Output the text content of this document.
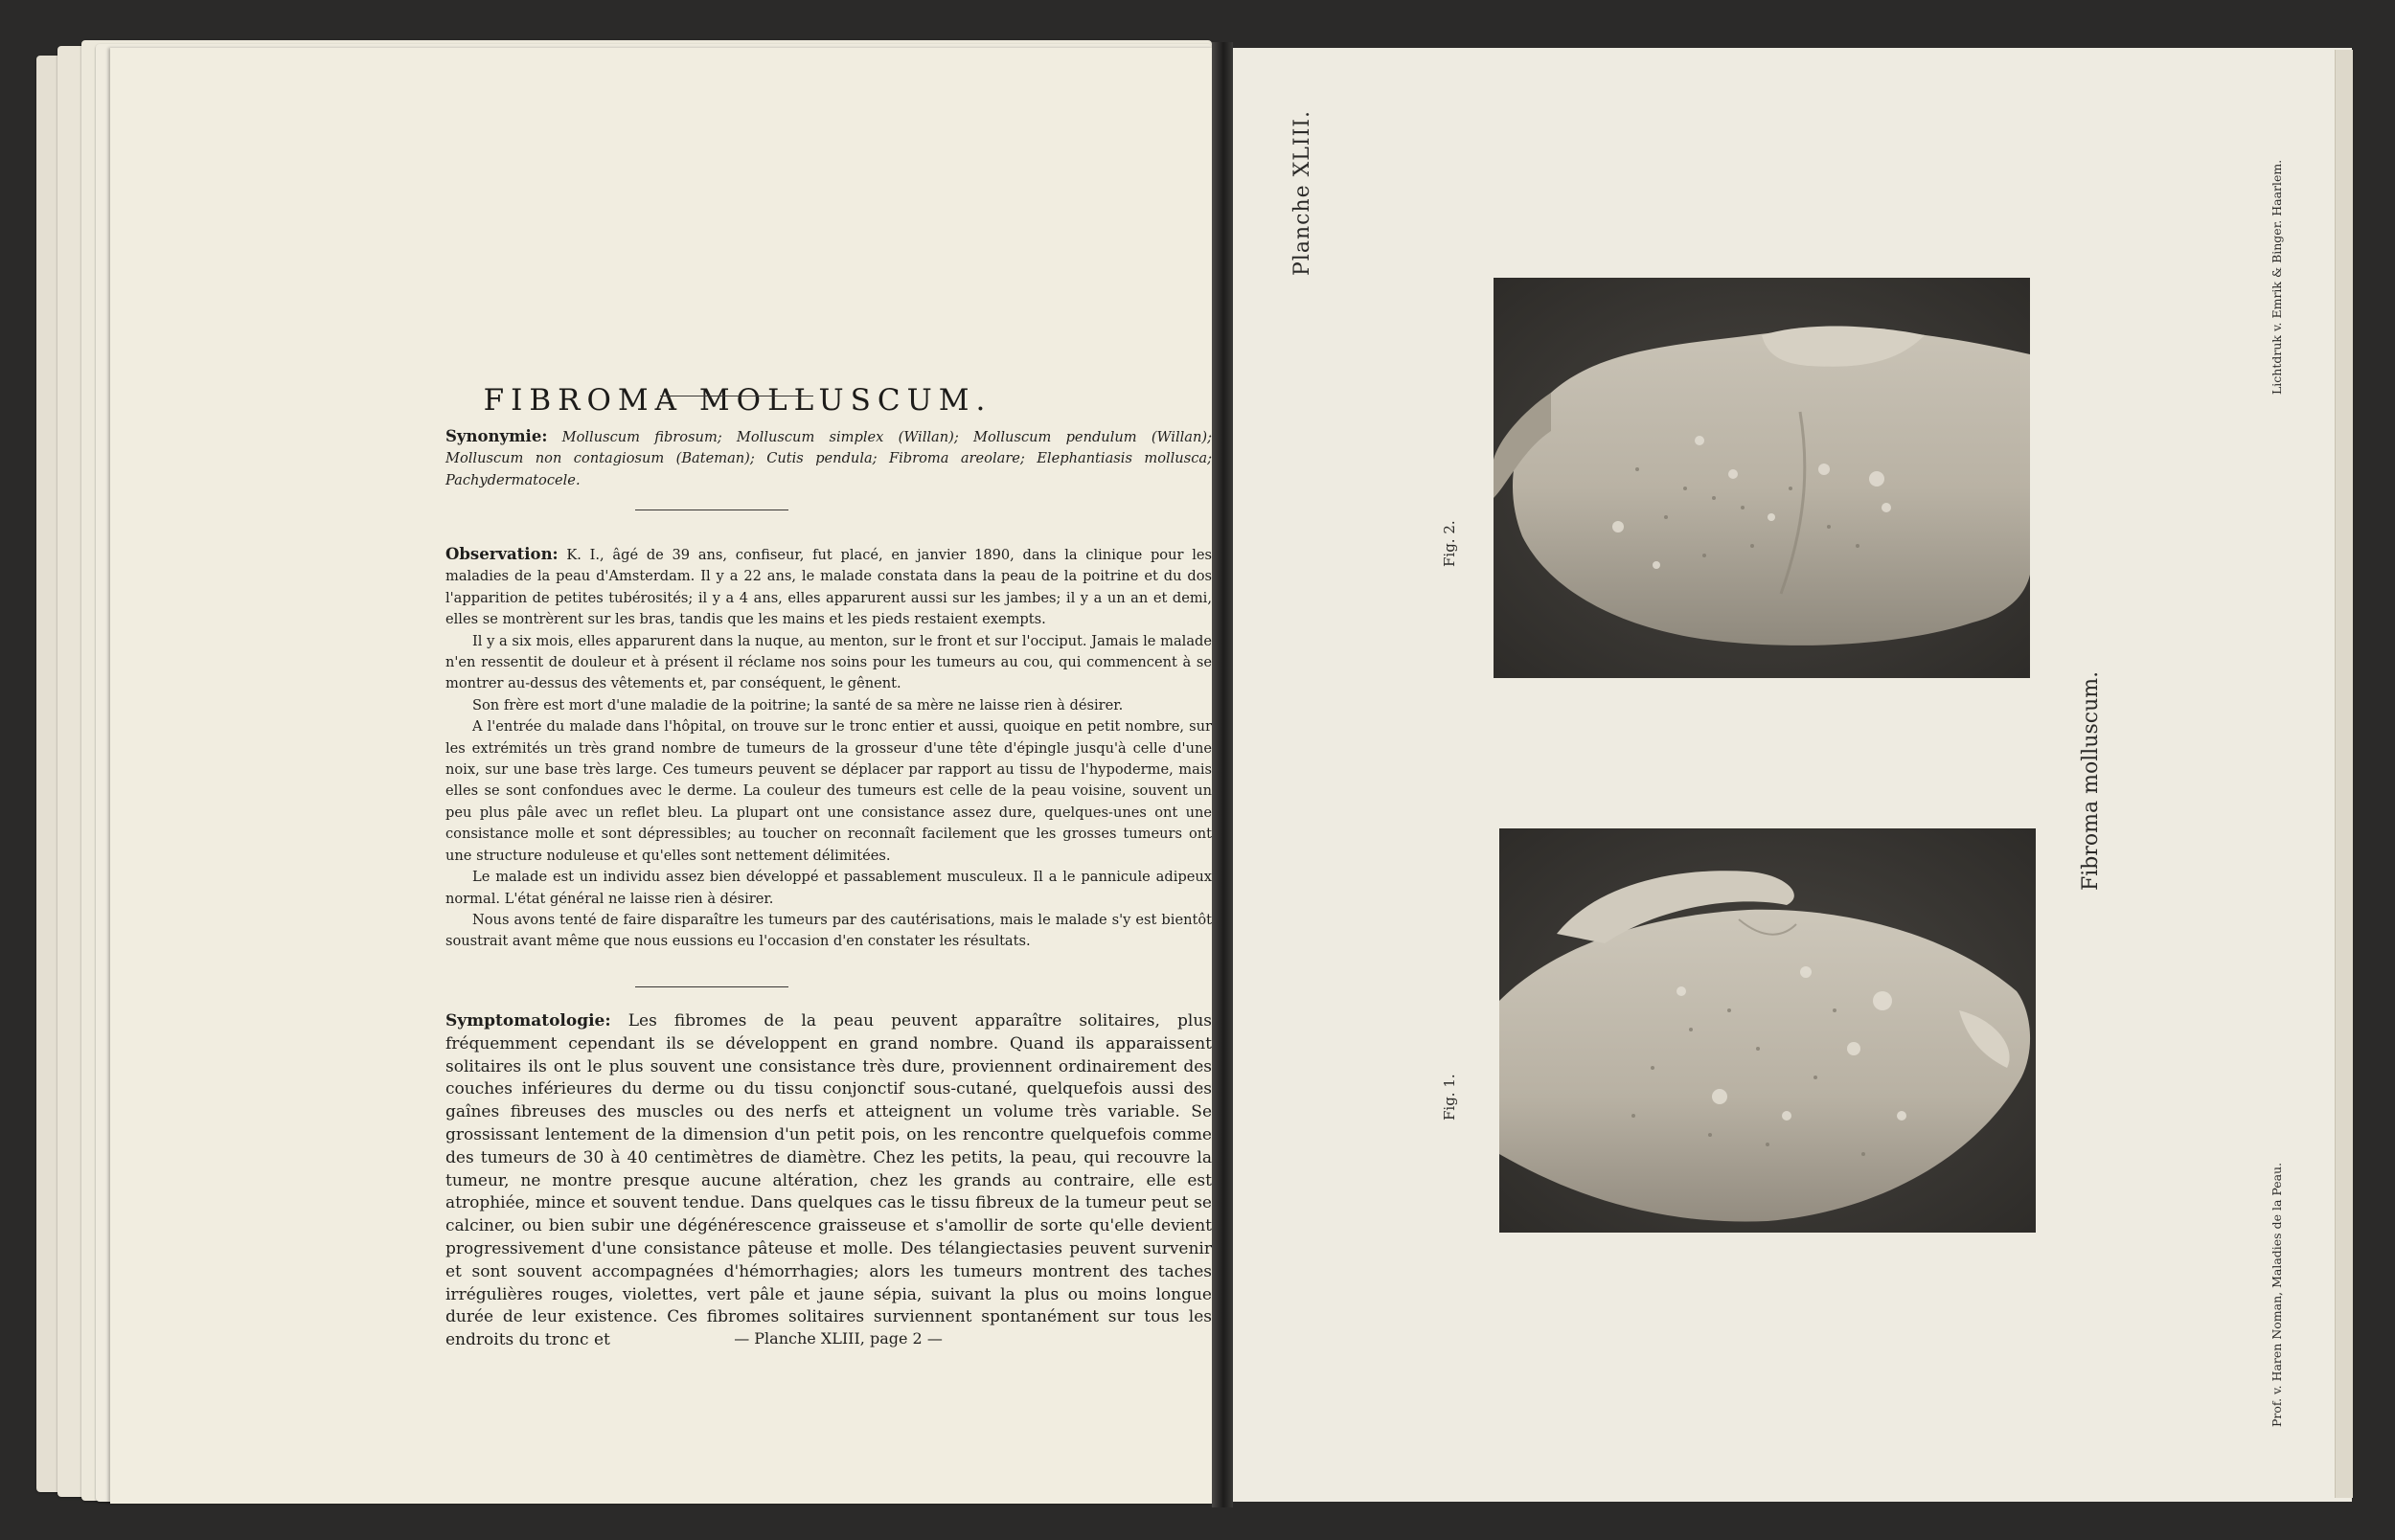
FIBROMA MOLLUSCUM.

Synonymie: Molluscum fibrosum; Molluscum simplex (Willan); Molluscum pendulum (Willan); Molluscum non contagiosum (Bateman); Cutis pendula; Fibroma areolare; Elephantiasis mollusca; Pachydermatocele.

Observation: K. I., âgé de 39 ans, confiseur, fut placé, en janvier 1890, dans la clinique pour les maladies de la peau d'Amsterdam. Il y a 22 ans, le malade constata dans la peau de la poitrine et du dos l'apparition de petites tubérosités; il y a 4 ans, elles apparurent aussi sur les jambes; il y a un an et demi, elles se montrèrent sur les bras, tandis que les mains et les pieds restaient exempts.

Il y a six mois, elles apparurent dans la nuque, au menton, sur le front et sur l'occiput. Jamais le malade n'en ressentit de douleur et à présent il réclame nos soins pour les tumeurs au cou, qui commencent à se montrer au-dessus des vêtements et, par conséquent, le gênent.

Son frère est mort d'une maladie de la poitrine; la santé de sa mère ne laisse rien à désirer.

A l'entrée du malade dans l'hôpital, on trouve sur le tronc entier et aussi, quoique en petit nombre, sur les extrémités un très grand nombre de tumeurs de la grosseur d'une tête d'épingle jusqu'à celle d'une noix, sur une base très large. Ces tumeurs peuvent se déplacer par rapport au tissu de l'hypoderme, mais elles se sont confondues avec le derme. La couleur des tumeurs est celle de la peau voisine, souvent un peu plus pâle avec un reflet bleu. La plupart ont une consistance assez dure, quelques-unes ont une consistance molle et sont dépressibles; au toucher on reconnaît facilement que les grosses tumeurs ont une structure noduleuse et qu'elles sont nettement délimitées.

Le malade est un individu assez bien développé et passablement musculeux. Il a le pannicule adipeux normal. L'état général ne laisse rien à désirer.

Nous avons tenté de faire disparaître les tumeurs par des cautérisations, mais le malade s'y est bientôt soustrait avant même que nous eussions eu l'occasion d'en constater les résultats.

Symptomatologie: Les fibromes de la peau peuvent apparaître solitaires, plus fréquemment cependant ils se développent en grand nombre. Quand ils apparaissent solitaires ils ont le plus souvent une consistance très dure, proviennent ordinairement des couches inférieures du derme ou du tissu conjonctif sous-cutané, quelquefois aussi des gaînes fibreuses des muscles ou des nerfs et atteignent un volume très variable. Se grossissant lentement de la dimension d'un petit pois, on les rencontre quelquefois comme des tumeurs de 30 à 40 centimètres de diamètre. Chez les petits, la peau, qui recouvre la tumeur, ne montre presque aucune altération, chez les grands au contraire, elle est atrophiée, mince et souvent tendue. Dans quelques cas le tissu fibreux de la tumeur peut se calciner, ou bien subir une dégénérescence graisseuse et s'amollir de sorte qu'elle devient progressivement d'une consistance pâteuse et molle. Des télangiectasies peuvent survenir et sont souvent accompagnées d'hémorrhagies; alors les tumeurs montrent des taches irrégulières rouges, violettes, vert pâle et jaune sépia, suivant la plus ou moins longue durée de leur existence. Ces fibromes solitaires surviennent spontanément sur tous les endroits du tronc et	— Planche XLIII, page 2 —
Planche XLIII.
Fig. 2.
Fig. 1.
Fibroma molluscum.
Lichtdruk v. Emrik & Binger. Haarlem.
Prof. v. Haren Noman, Maladies de la Peau.
